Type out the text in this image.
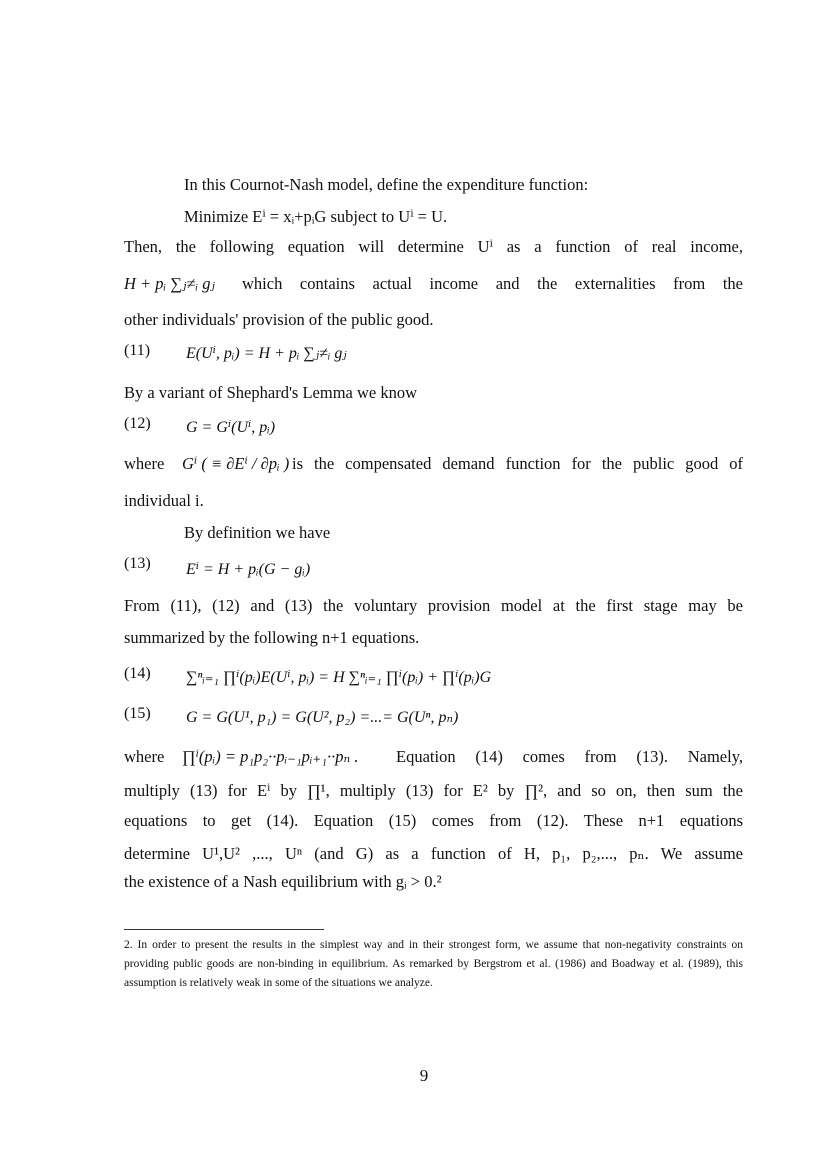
In this Cournot-Nash model, define the expenditure function:
Minimize Eⁱ = xᵢ+pᵢG subject to Uⁱ = U.
Then, the following equation will determine Uⁱ as a function of real income,
H + pᵢ ∑ⱼ≠ᵢ gⱼ which contains actual income and the externalities from the
other individuals' provision of the public good.
(11) E(Uⁱ, pᵢ) = H + pᵢ ∑ⱼ≠ᵢ gⱼ
By a variant of Shephard's Lemma we know
(12) G = Gⁱ(Uⁱ, pᵢ)
where Gⁱ ( ≡ ∂Eⁱ / ∂pᵢ ) is the compensated demand function for the public good of
individual i.
By definition we have
(13) Eⁱ = H + pᵢ(G − gᵢ)
From (11), (12) and (13) the voluntary provision model at the first stage may be
summarized by the following n+1 equations.
(14) ∑ⁿᵢ₌₁ ∏ⁱ(pᵢ)E(Uⁱ, pᵢ) = H ∑ⁿᵢ₌₁ ∏ⁱ(pᵢ) + ∏ⁱ(pᵢ)G
(15) G = G(U¹, p₁) = G(U², p₂) =...= G(Uⁿ, pₙ)
where ∏ⁱ(pᵢ) = p₁p₂··pᵢ₋₁pᵢ₊₁··pₙ . Equation (14) comes from (13). Namely,
multiply (13) for Eⁱ by ∏¹, multiply (13) for E² by ∏², and so on, then sum the
equations to get (14). Equation (15) comes from (12). These n+1 equations
determine U¹,U² ,..., Uⁿ (and G) as a function of H, p₁, p₂,..., pₙ. We assume
the existence of a Nash equilibrium with gᵢ > 0.²
2. In order to present the results in the simplest way and in their strongest form, we assume that non-negativity constraints on providing public goods are non-binding in equilibrium. As remarked by Bergstrom et al. (1986) and Boadway et al. (1989), this assumption is relatively weak in some of the situations we analyze.
9
